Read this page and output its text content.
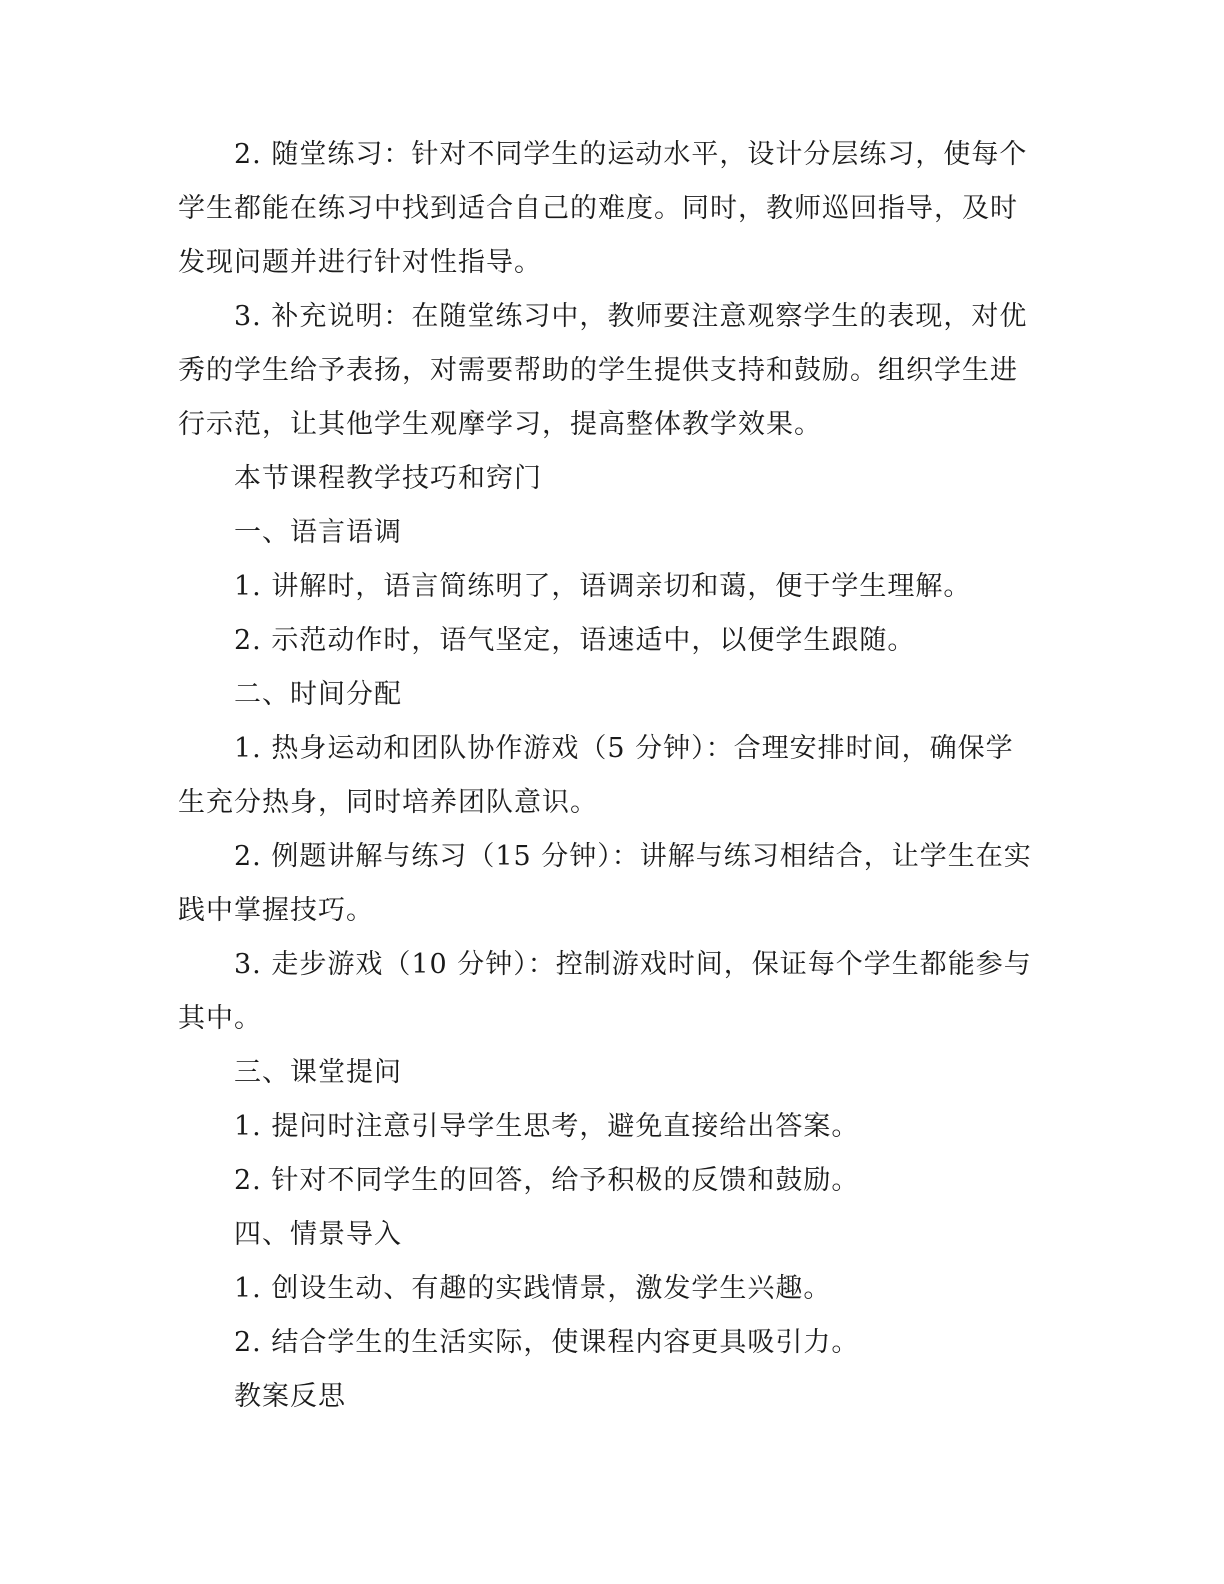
2. 随堂练习：针对不同学生的运动水平，设计分层练习，使每个学生都能在练习中找到适合自己的难度。同时，教师巡回指导，及时发现问题并进行针对性指导。

3. 补充说明：在随堂练习中，教师要注意观察学生的表现，对优秀的学生给予表扬，对需要帮助的学生提供支持和鼓励。组织学生进行示范，让其他学生观摩学习，提高整体教学效果。

本节课程教学技巧和窍门

一、语言语调

1. 讲解时，语言简练明了，语调亲切和蔼，便于学生理解。

2. 示范动作时，语气坚定，语速适中，以便学生跟随。

二、时间分配

1. 热身运动和团队协作游戏（5 分钟）：合理安排时间，确保学生充分热身，同时培养团队意识。

2. 例题讲解与练习（15 分钟）：讲解与练习相结合，让学生在实践中掌握技巧。

3. 走步游戏（10 分钟）：控制游戏时间，保证每个学生都能参与其中。

三、课堂提问

1. 提问时注意引导学生思考，避免直接给出答案。

2. 针对不同学生的回答，给予积极的反馈和鼓励。

四、情景导入

1. 创设生动、有趣的实践情景，激发学生兴趣。

2. 结合学生的生活实际，使课程内容更具吸引力。

教案反思
